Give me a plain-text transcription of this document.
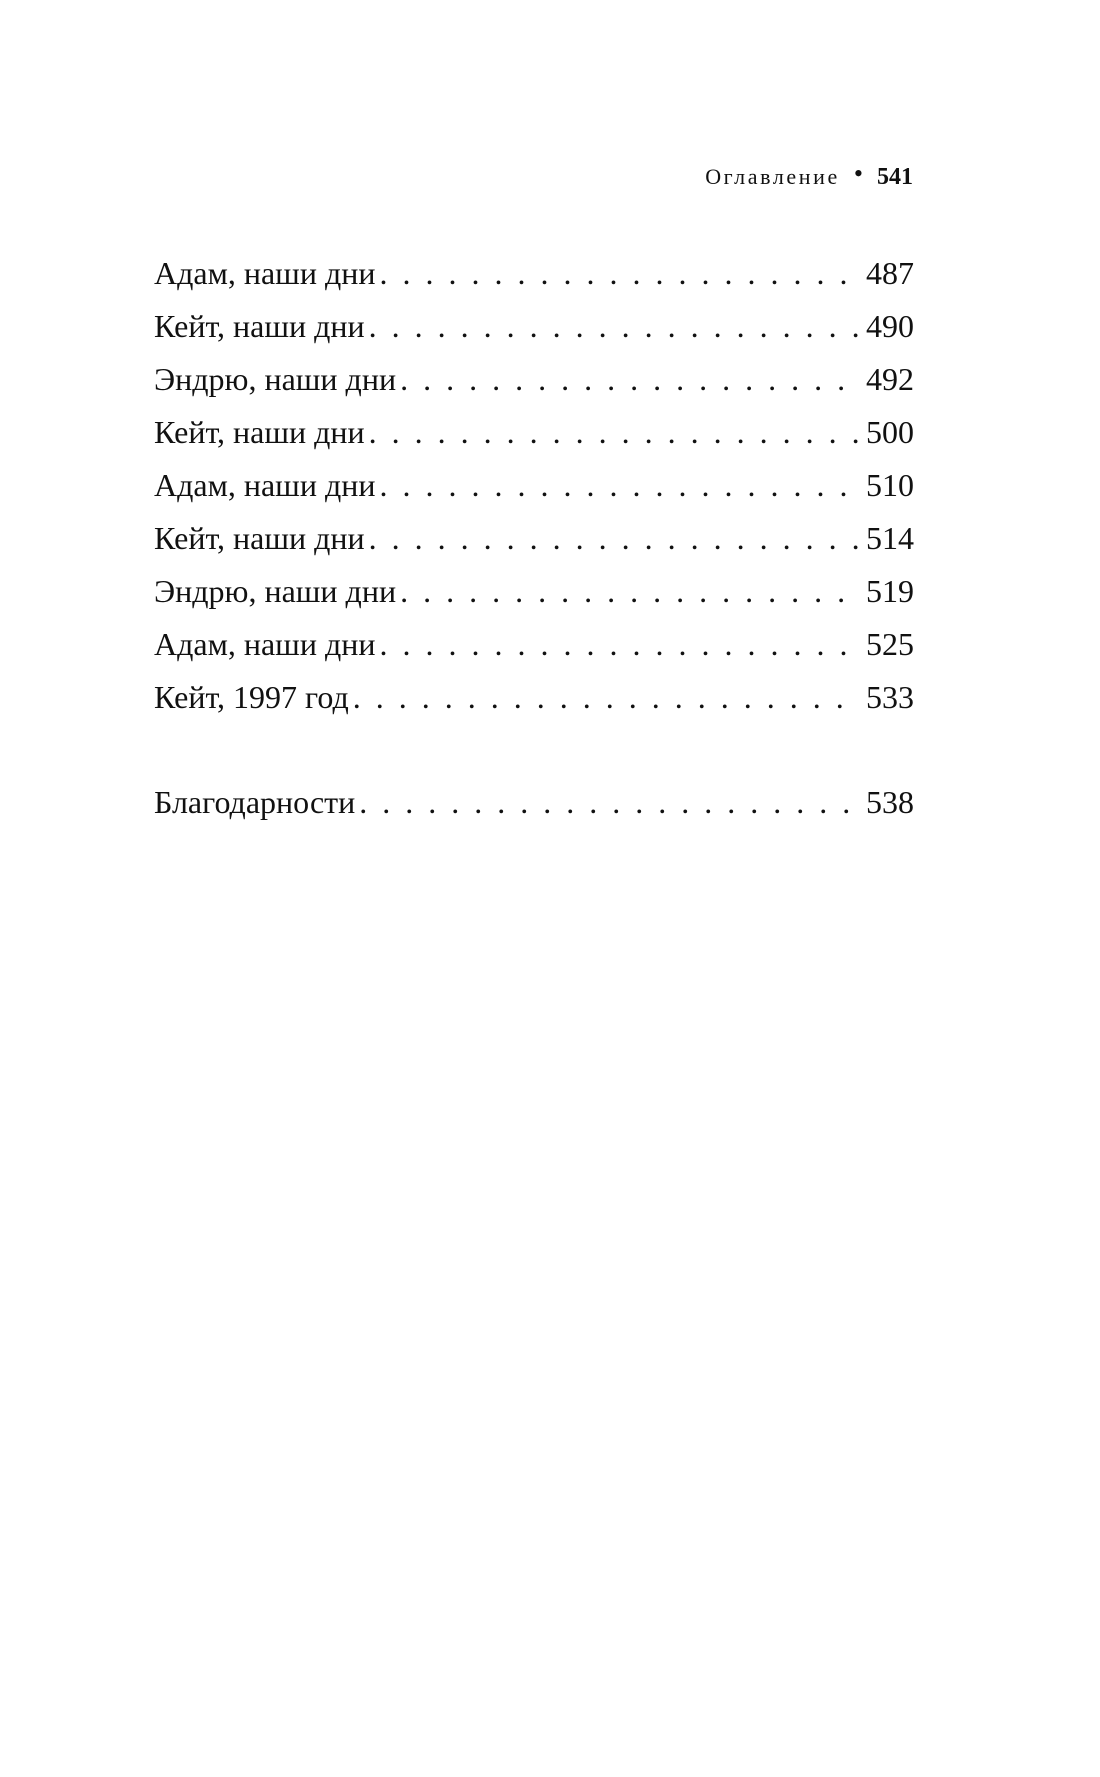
Оглавление • 541
Адам, наши дни . . .	487
Кейт, наши дни . . .	490
Эндрю, наши дни . . .	492
Кейт, наши дни . . .	500
Адам, наши дни . . .	510
Кейт, наши дни . . .	514
Эндрю, наши дни . . .	519
Адам, наши дни . . .	525
Кейт, 1997 год . . .	533
Благодарности . . .	538
